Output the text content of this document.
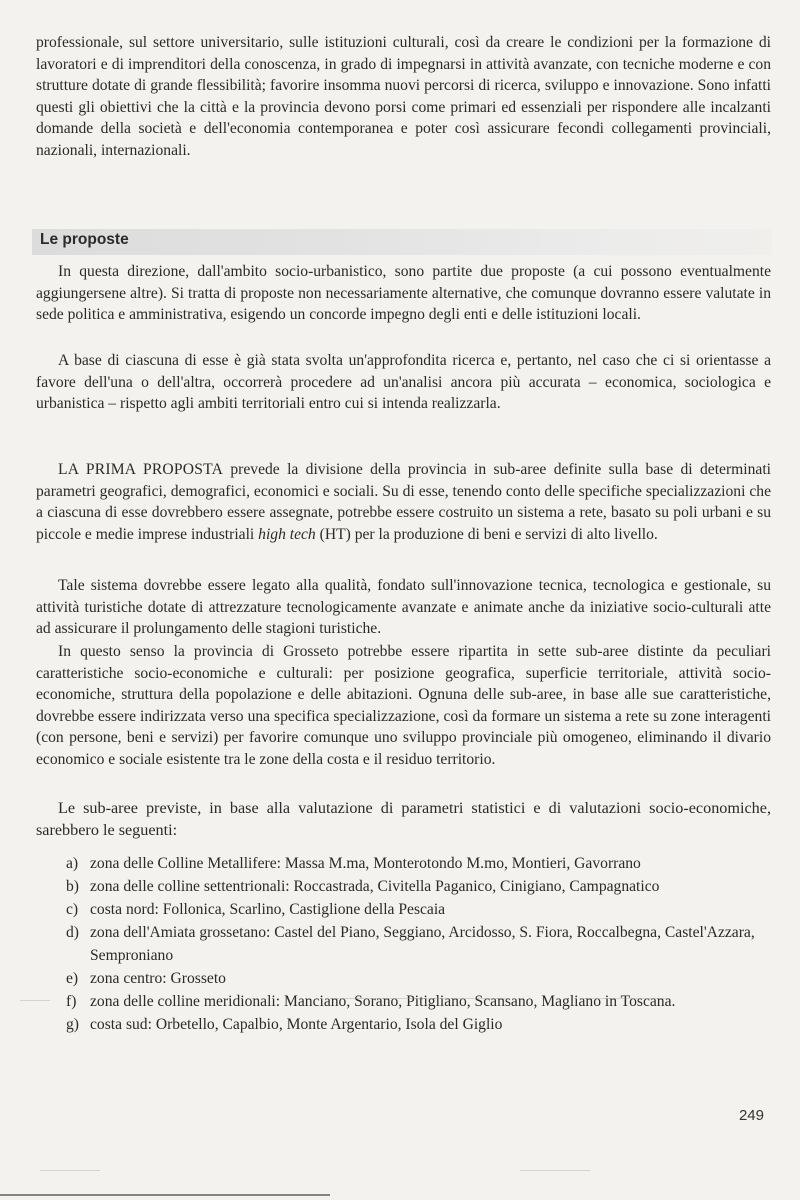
professionale, sul settore universitario, sulle istituzioni culturali, così da creare le condizioni per la formazione di lavoratori e di imprenditori della conoscenza, in grado di impegnarsi in attività avanzate, con tecniche moderne e con strutture dotate di grande flessibilità; favorire insomma nuovi percorsi di ricerca, sviluppo e innovazione. Sono infatti questi gli obiettivi che la città e la provincia devono porsi come primari ed essenziali per rispondere alle incalzanti domande della società e dell'economia contemporanea e poter così assicurare fecondi collegamenti provinciali, nazionali, internazionali.

Le proposte

In questa direzione, dall'ambito socio-urbanistico, sono partite due proposte (a cui possono eventualmente aggiungersene altre). Si tratta di proposte non necessariamente alternative, che comunque dovranno essere valutate in sede politica e amministrativa, esigendo un concorde impegno degli enti e delle istituzioni locali.

A base di ciascuna di esse è già stata svolta un'approfondita ricerca e, pertanto, nel caso che ci si orientasse a favore dell'una o dell'altra, occorrerà procedere ad un'analisi ancora più accurata – economica, sociologica e urbanistica – rispetto agli ambiti territoriali entro cui si intenda realizzarla.

LA PRIMA PROPOSTA prevede la divisione della provincia in sub-aree definite sulla base di determinati parametri geografici, demografici, economici e sociali. Su di esse, tenendo conto delle specifiche specializzazioni che a ciascuna di esse dovrebbero essere assegnate, potrebbe essere costruito un sistema a rete, basato su poli urbani e su piccole e medie imprese industriali high tech (HT) per la produzione di beni e servizi di alto livello.

Tale sistema dovrebbe essere legato alla qualità, fondato sull'innovazione tecnica, tecnologica e gestionale, su attività turistiche dotate di attrezzature tecnologicamente avanzate e animate anche da iniziative socio-culturali atte ad assicurare il prolungamento delle stagioni turistiche.

In questo senso la provincia di Grosseto potrebbe essere ripartita in sette sub-aree distinte da peculiari caratteristiche socio-economiche e culturali: per posizione geografica, superficie territoriale, attività socio-economiche, struttura della popolazione e delle abitazioni. Ognuna delle sub-aree, in base alle sue caratteristiche, dovrebbe essere indirizzata verso una specifica specializzazione, così da formare un sistema a rete su zone interagenti (con persone, beni e servizi) per favorire comunque uno sviluppo provinciale più omogeneo, eliminando il divario economico e sociale esistente tra le zone della costa e il residuo territorio.

Le sub-aree previste, in base alla valutazione di parametri statistici e di valutazioni socio-economiche, sarebbero le seguenti:

a) zona delle Colline Metallifere: Massa M.ma, Monterotondo M.mo, Montieri, Gavorrano
b) zona delle colline settentrionali: Roccastrada, Civitella Paganico, Cinigiano, Campagnatico
c) costa nord: Follonica, Scarlino, Castiglione della Pescaia
d) zona dell'Amiata grossetano: Castel del Piano, Seggiano, Arcidosso, S. Fiora, Roccalbegna, Castel'Azzara, Semproniano
e) zona centro: Grosseto
f) zona delle colline meridionali: Manciano, Sorano, Pitigliano, Scansano, Magliano in Toscana.
g) costa sud: Orbetello, Capalbio, Monte Argentario, Isola del Giglio

249
